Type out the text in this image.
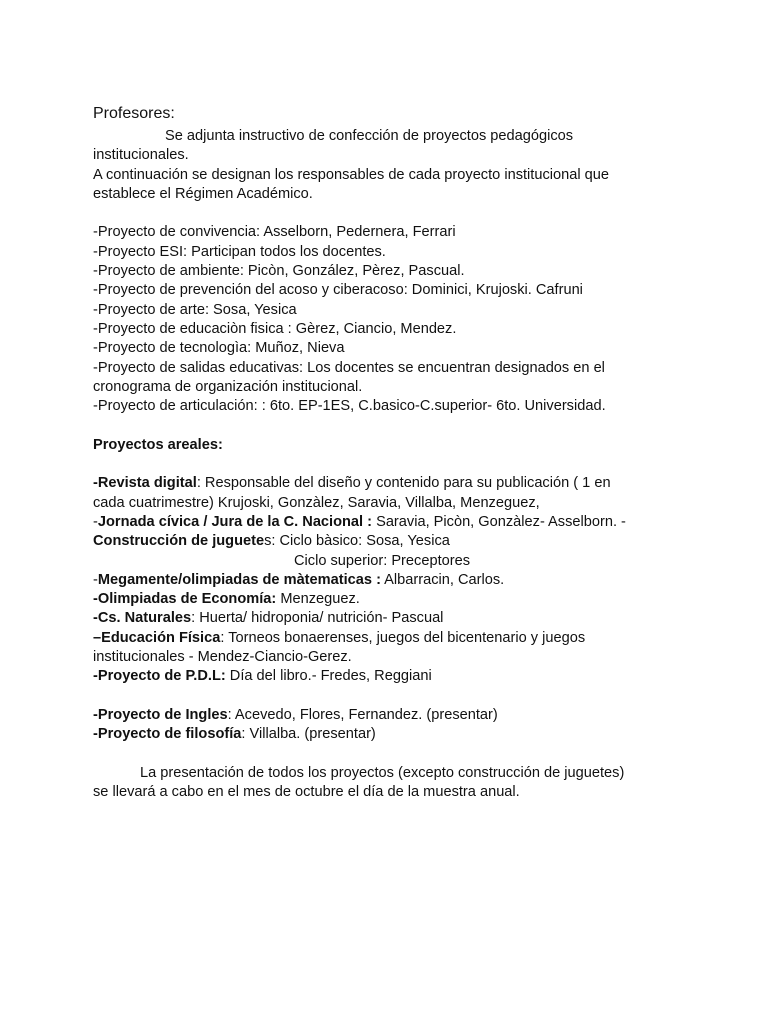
Profesores:

Se adjunta instructivo de confección de proyectos pedagógicos
institucionales.
A continuación se designan los responsables de cada proyecto institucional que
establece el Régimen Académico.

-Proyecto de convivencia: Asselborn, Pedernera, Ferrari
-Proyecto ESI: Participan todos los docentes.
-Proyecto de ambiente: Picòn, González, Pèrez, Pascual.
-Proyecto de prevención del acoso y ciberacoso: Dominici, Krujoski. Cafruni
-Proyecto de arte: Sosa, Yesica
-Proyecto de educaciòn fisica : Gèrez, Ciancio, Mendez.
-Proyecto de tecnologìa: Muñoz, Nieva
-Proyecto de salidas educativas: Los docentes se encuentran designados en el
cronograma de organización institucional.
-Proyecto de articulación: : 6to. EP-1ES, C.basico-C.superior- 6to. Universidad.

Proyectos areales:

-Revista digital: Responsable del diseño y contenido para su publicación ( 1 en
cada cuatrimestre) Krujoski, Gonzàlez, Saravia, Villalba, Menzeguez,
-Jornada cívica / Jura de la C. Nacional : Saravia, Picòn, Gonzàlez- Asselborn. -
Construcción de juguetes: Ciclo bàsico: Sosa, Yesica
Ciclo superior: Preceptores
-Megamente/olimpiadas de màtematicas : Albarracin, Carlos.
-Olimpiadas de Economía: Menzeguez.
-Cs. Naturales: Huerta/ hidroponia/ nutrición- Pascual
–Educación Física: Torneos bonaerenses, juegos del bicentenario y juegos
institucionales - Mendez-Ciancio-Gerez.
-Proyecto de P.D.L: Día del libro.- Fredes, Reggiani

-Proyecto de Ingles: Acevedo, Flores, Fernandez. (presentar)
-Proyecto de filosofía: Villalba. (presentar)

La presentación de todos los proyectos (excepto construcción de juguetes)
se llevará a cabo en el mes de octubre el día de la muestra anual.
